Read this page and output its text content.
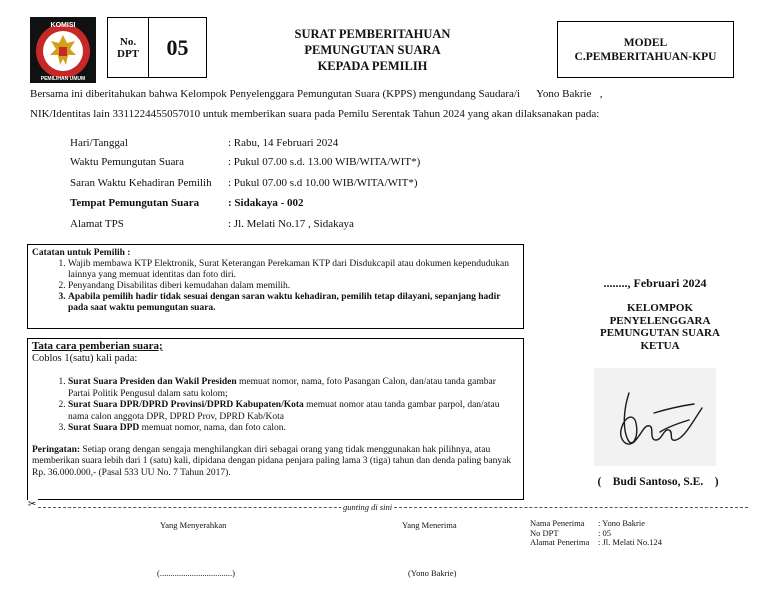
KOMISI
PEMILIHAN UMUM
No.
DPT	05
SURAT PEMBERITAHUAN
PEMUNGUTAN SUARA
KEPADA PEMILIH
MODEL
C.PEMBERITAHUAN-KPU
Bersama ini diberitahukan bahwa Kelompok Penyelenggara Pemungutan Suara (KPPS) mengundang Saudara/i      Yono Bakrie   ,
NIK/Identitas lain 3311224455057010 untuk memberikan suara pada Pemilu Serentak Tahun 2024 yang akan dilaksanakan pada:
Hari/Tanggal	: Rabu, 14 Februari 2024
Waktu Pemungutan Suara	: Pukul 07.00 s.d. 13.00 WIB/WITA/WIT*)
Saran Waktu Kehadiran Pemilih : Pukul 07.00 s.d 10.00 WIB/WITA/WIT*)
Tempat Pemungutan Suara	: Sidakaya - 002
Alamat TPS	: Jl. Melati No.17 , Sidakaya
Catatan untuk Pemilih :
1. Wajib membawa KTP Elektronik, Surat Keterangan Perekaman KTP dari Disdukcapil atau dokumen kependudukan lainnya yang memuat identitas dan foto diri.
2. Penyandang Disabilitas diberi kemudahan dalam memilih.
3. Apabila pemilih hadir tidak sesuai dengan saran waktu kehadiran, pemilih tetap dilayani, sepanjang hadir pada saat waktu pemungutan suara.
Tata cara pemberian suara;
Coblos 1(satu) kali pada:
1. Surat Suara Presiden dan Wakil Presiden memuat nomor, nama, foto Pasangan Calon, dan/atau tanda gambar Partai Politik Pengusul dalam satu kolom;
2. Surat Suara DPR/DPRD Provinsi/DPRD Kabupaten/Kota memuat nomor atau tanda gambar parpol, dan/atau nama calon anggota DPR, DPRD Prov, DPRD Kab/Kota
3. Surat Suara DPD memuat nomor, nama, dan foto calon.
Peringatan: Setiap orang dengan sengaja menghilangkan diri sebagai orang yang tidak menggunakan hak pilihnya, atau memberikan suara lebih dari 1 (satu) kali, dipidana dengan pidana penjara paling lama 3 (tiga) tahun dan denda paling banyak Rp. 36.000.000,- (Pasal 533 UU No. 7 Tahun 2017).
........, Februari 2024
KELOMPOK
PENYELENGGARA
PEMUNGUTAN SUARA
KETUA
(    Budi Santoso, S.E.    )
✂	gunting di sini
Yang Menyerahkan	Yang Menerima	Nama Penerima : Yono Bakrie
No DPT	: 05
Alamat Penerima : Jl. Melati No.124
(..................................)	(Yono Bakrie)
